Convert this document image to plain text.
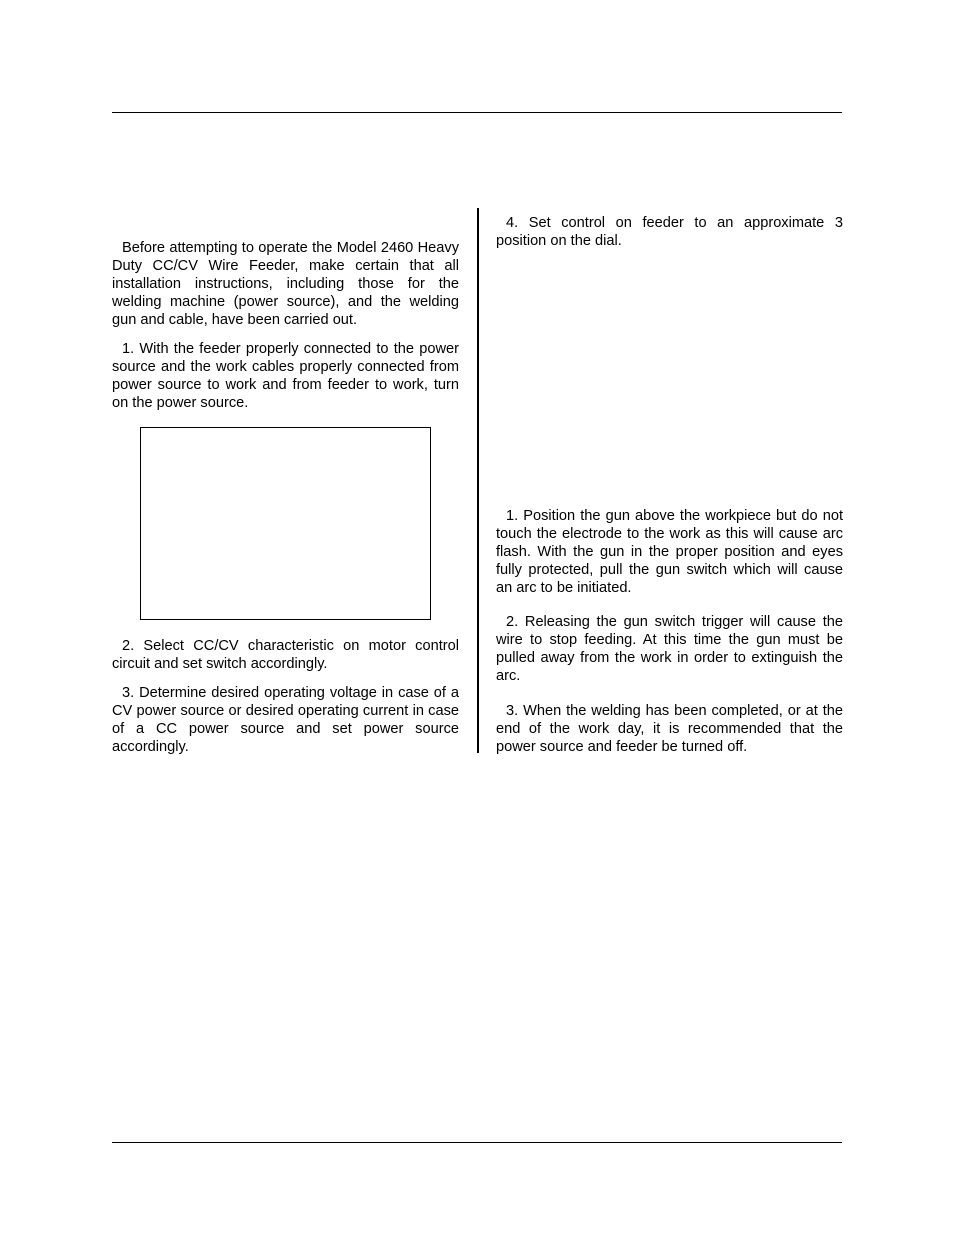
Before attempting to operate the Model 2460 Heavy Duty CC/CV Wire Feeder, make certain that all installation instructions, including those for the welding machine (power source), and the welding gun and cable, have been carried out.

1. With the feeder properly connected to the power source and the work cables properly connected from power source to work and from feeder to work, turn on the power source.

2. Select CC/CV characteristic on motor control circuit and set switch accordingly.

3. Determine desired operating voltage in case of a CV power source or desired operating current in case of a CC power source and set power source accordingly.

4. Set control on feeder to an approximate 3 position on the dial.

1. Position the gun above the workpiece but do not touch the electrode to the work as this will cause arc flash. With the gun in the proper position and eyes fully protected, pull the gun switch which will cause an arc to be initiated.

2. Releasing the gun switch trigger will cause the wire to stop feeding. At this time the gun must be pulled away from the work in order to extinguish the arc.

3. When the welding has been completed, or at the end of the work day, it is recommended that the power source and feeder be turned off.
